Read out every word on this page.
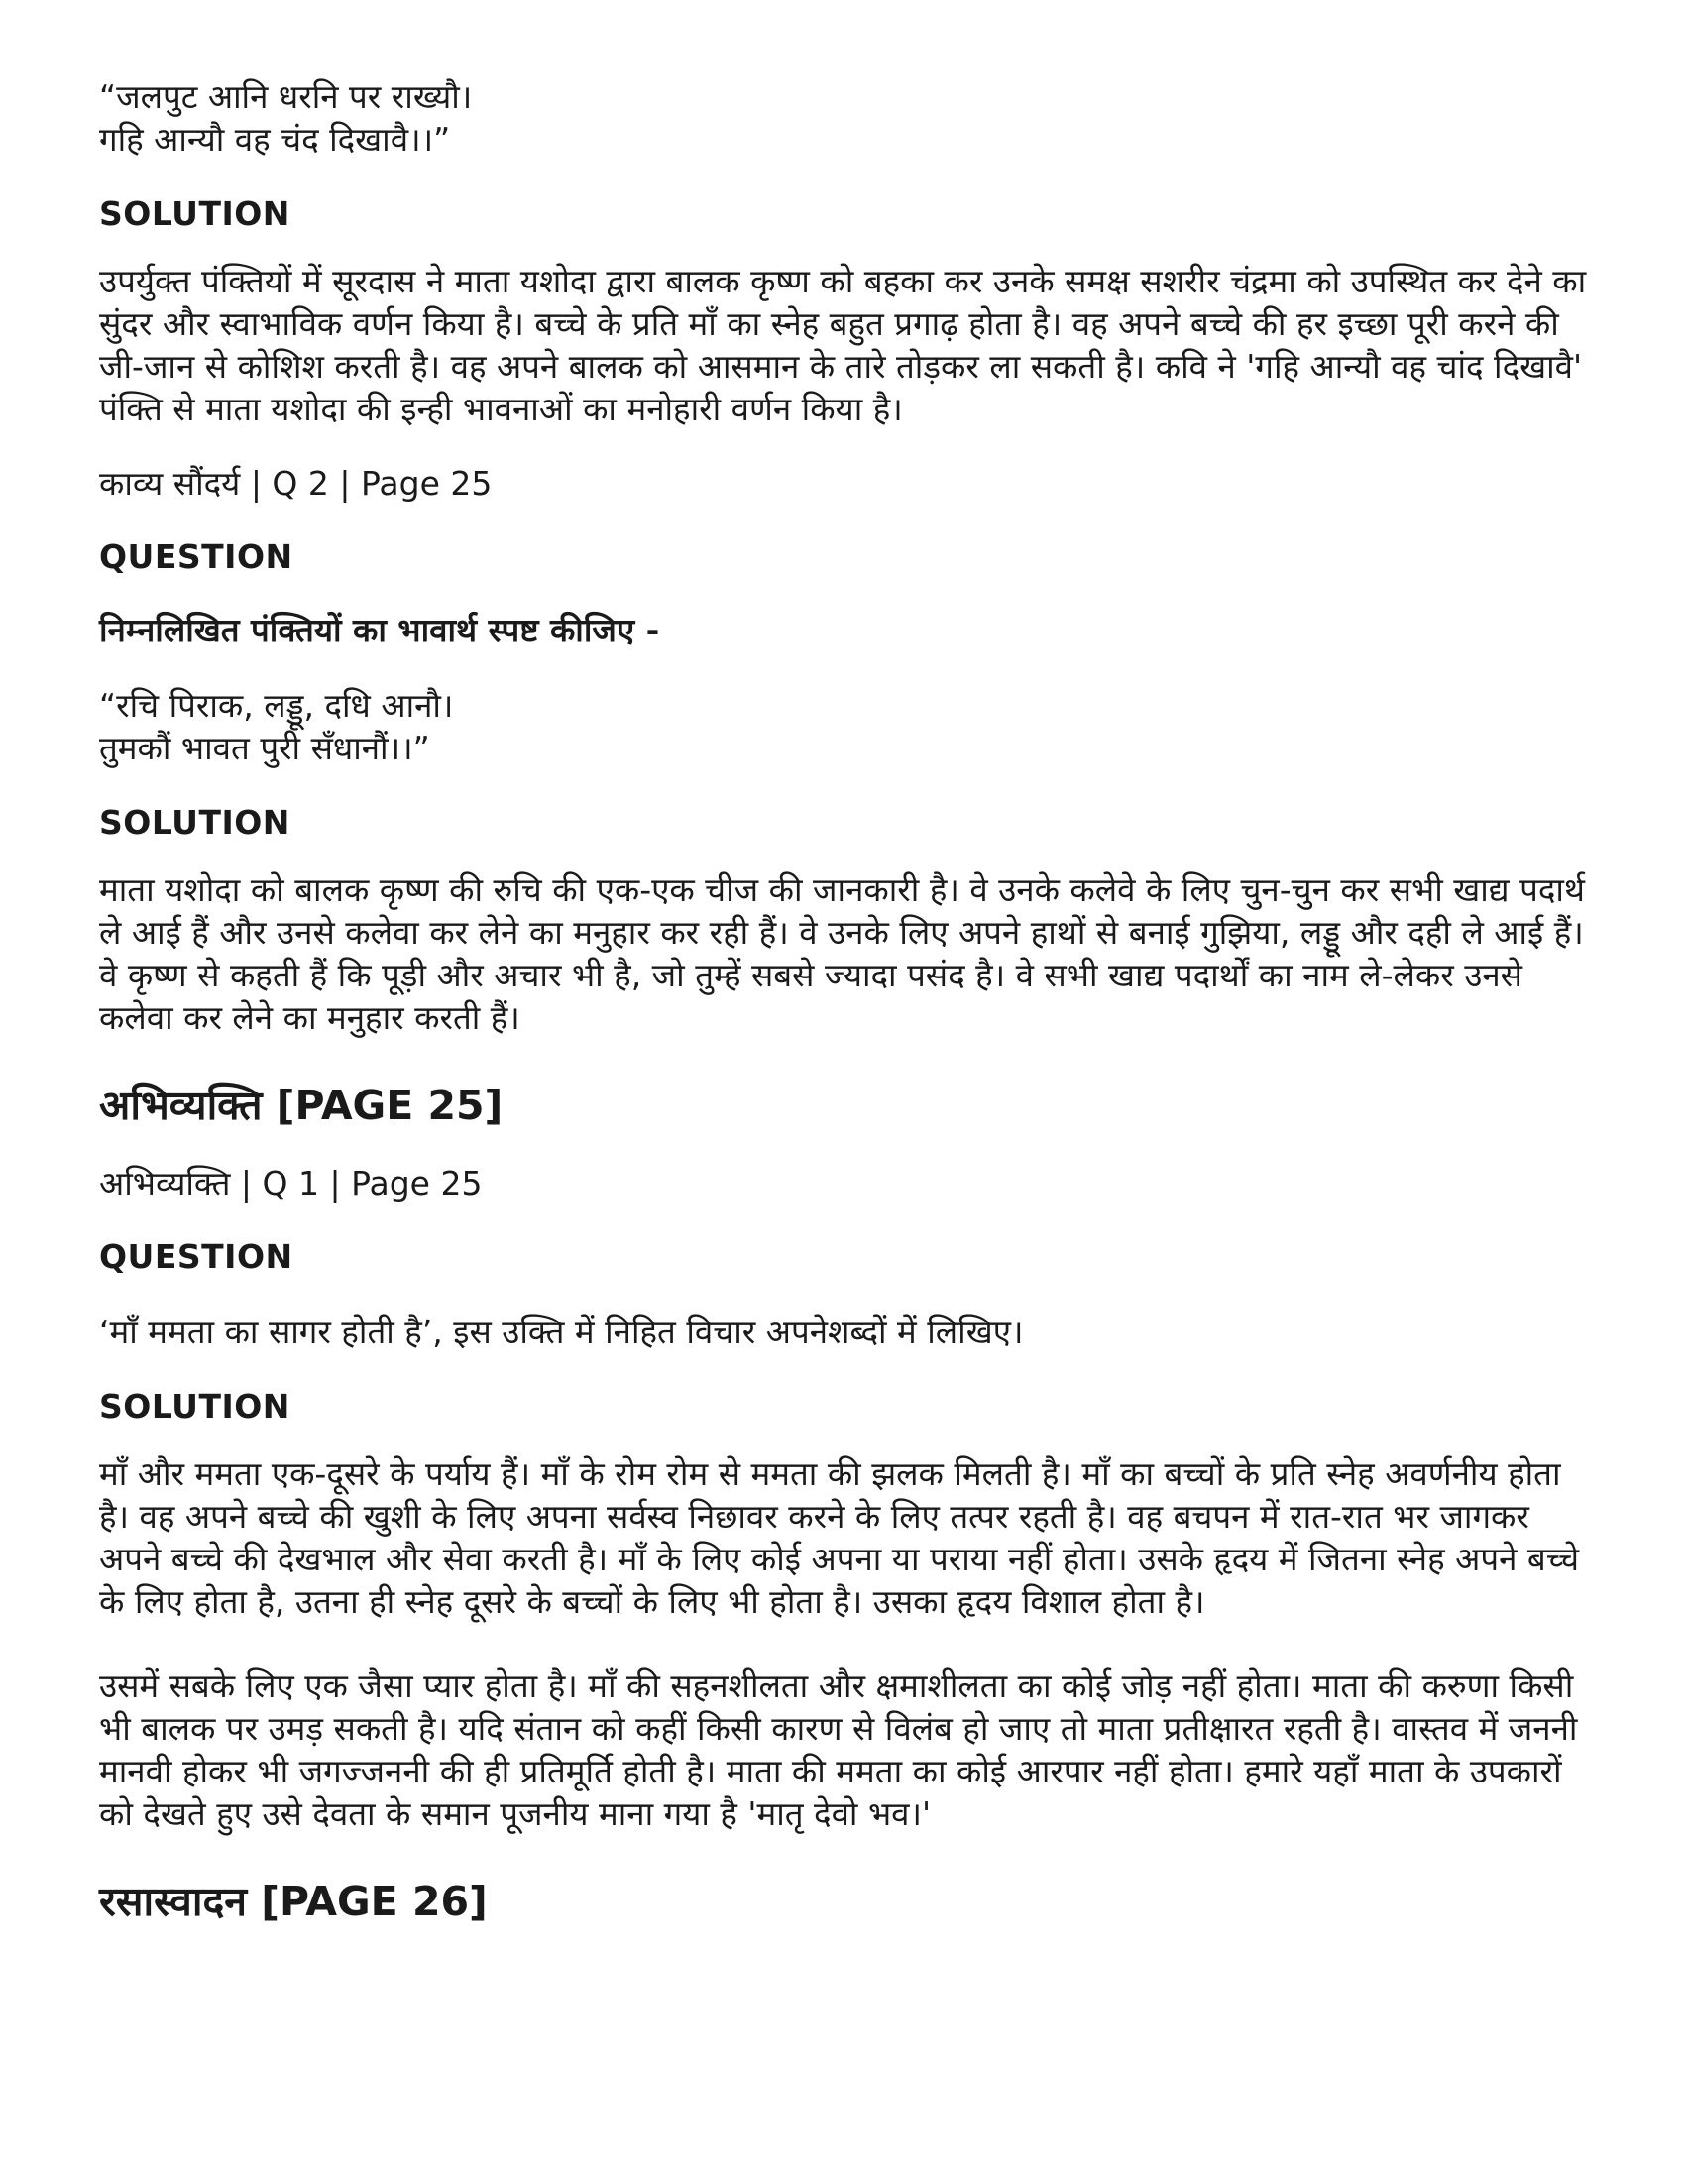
“जलपुट आनि धरनि पर राख्यौ।
गहि आन्यौ वह चंद दिखावै।।”

SOLUTION

उपर्युक्त पंक्तियों में सूरदास ने माता यशोदा द्वारा बालक कृष्ण को बहका कर उनके समक्ष सशरीर चंद्रमा को उपस्थित कर देने का सुंदर और स्वाभाविक वर्णन किया है। बच्चे के प्रति माँ का स्नेह बहुत प्रगाढ़ होता है। वह अपने बच्चे की हर इच्छा पूरी करने की जी-जान से कोशिश करती है। वह अपने बालक को आसमान के तारे तोड़कर ला सकती है। कवि ने 'गहि आन्यौ वह चांद दिखावै' पंक्ति से माता यशोदा की इन्ही भावनाओं का मनोहारी वर्णन किया है।

काव्य सौंदर्य | Q 2 | Page 25

QUESTION

निम्नलिखित पंक्तियों का भावार्थ स्पष्ट कीजिए -

“रचि पिराक, लड्डू, दधि आनौ।
तुमकौं भावत पुरी सँधानौं।।”

SOLUTION

माता यशोदा को बालक कृष्ण की रुचि की एक-एक चीज की जानकारी है। वे उनके कलेवे के लिए चुन-चुन कर सभी खाद्य पदार्थ ले आई हैं और उनसे कलेवा कर लेने का मनुहार कर रही हैं। वे उनके लिए अपने हाथों से बनाई गुझिया, लड्डू और दही ले आई हैं। वे कृष्ण से कहती हैं कि पूड़ी और अचार भी है, जो तुम्हें सबसे ज्यादा पसंद है। वे सभी खाद्य पदार्थों का नाम ले-लेकर उनसे कलेवा कर लेने का मनुहार करती हैं।

अभिव्यक्ति [PAGE 25]

अभिव्यक्ति | Q 1 | Page 25

QUESTION

‘माँ ममता का सागर होती है’, इस उक्ति में निहित विचार अपनेशब्दों में लिखिए।

SOLUTION

माँ और ममता एक-दूसरे के पर्याय हैं। माँ के रोम रोम से ममता की झलक मिलती है। माँ का बच्चों के प्रति स्नेह अवर्णनीय होता है। वह अपने बच्चे की खुशी के लिए अपना सर्वस्व निछावर करने के लिए तत्पर रहती है। वह बचपन में रात-रात भर जागकर अपने बच्चे की देखभाल और सेवा करती है। माँ के लिए कोई अपना या पराया नहीं होता। उसके हृदय में जितना स्नेह अपने बच्चे के लिए होता है, उतना ही स्नेह दूसरे के बच्चों के लिए भी होता है। उसका हृदय विशाल होता है।

उसमें सबके लिए एक जैसा प्यार होता है। माँ की सहनशीलता और क्षमाशीलता का कोई जोड़ नहीं होता। माता की करुणा किसी भी बालक पर उमड़ सकती है। यदि संतान को कहीं किसी कारण से विलंब हो जाए तो माता प्रतीक्षारत रहती है। वास्तव में जननी मानवी होकर भी जगज्जननी की ही प्रतिमूर्ति होती है। माता की ममता का कोई आरपार नहीं होता। हमारे यहाँ माता के उपकारों को देखते हुए उसे देवता के समान पूजनीय माना गया है 'मातृ देवो भव।'

रसास्वादन [PAGE 26]
